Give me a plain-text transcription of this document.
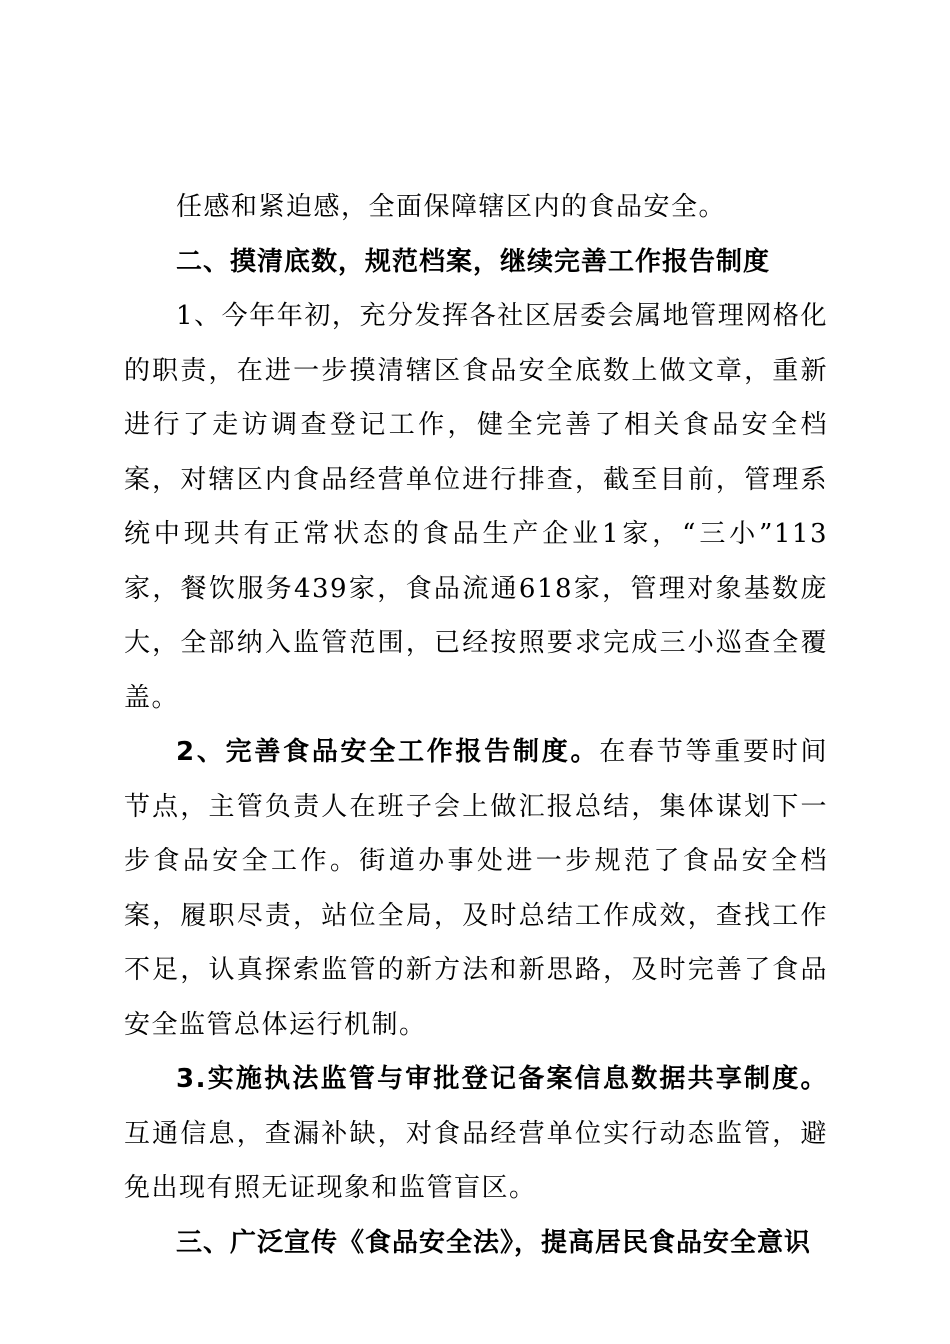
任感和紧迫感，全面保障辖区内的食品安全。

二、摸清底数，规范档案，继续完善工作报告制度

1、今年年初，充分发挥各社区居委会属地管理网格化的职责，在进一步摸清辖区食品安全底数上做文章，重新进行了走访调查登记工作，健全完善了相关食品安全档案，对辖区内食品经营单位进行排查，截至目前，管理系统中现共有正常状态的食品生产企业1家，“三小”113家，餐饮服务439家，食品流通618家，管理对象基数庞大，全部纳入监管范围，已经按照要求完成三小巡查全覆盖。

2、完善食品安全工作报告制度。在春节等重要时间节点，主管负责人在班子会上做汇报总结，集体谋划下一步食品安全工作。街道办事处进一步规范了食品安全档案，履职尽责，站位全局，及时总结工作成效，查找工作不足，认真探索监管的新方法和新思路，及时完善了食品安全监管总体运行机制。

3.实施执法监管与审批登记备案信息数据共享制度。互通信息，查漏补缺，对食品经营单位实行动态监管，避免出现有照无证现象和监管盲区。

三、广泛宣传《食品安全法》，提高居民食品安全意识
